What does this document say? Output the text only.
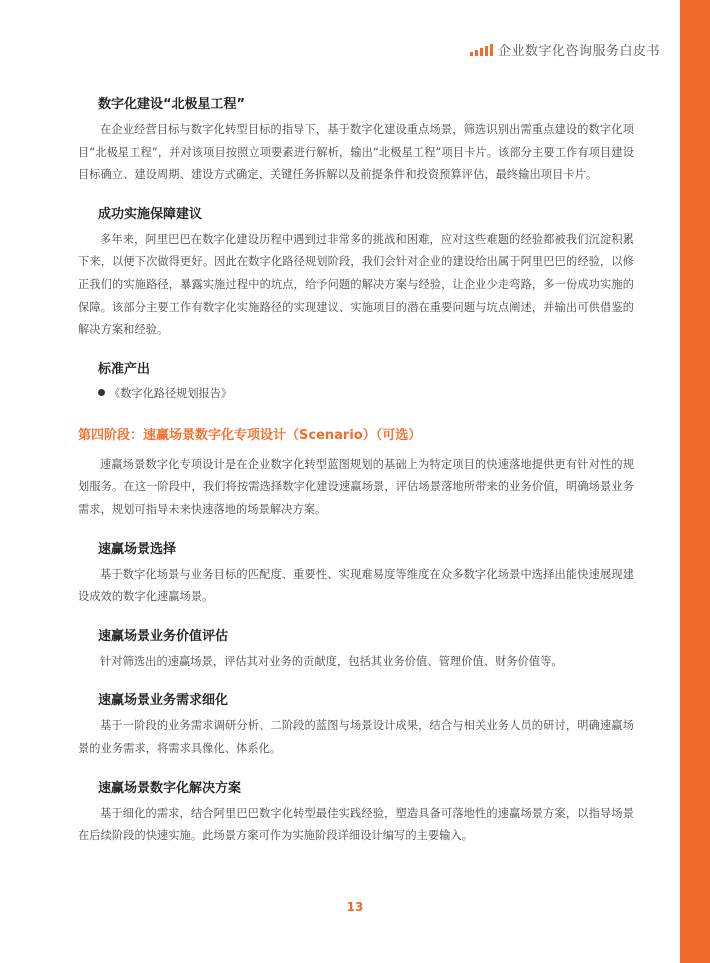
企业数字化咨询服务白皮书
数字化建设“北极星工程”

在企业经营目标与数字化转型目标的指导下，基于数字化建设重点场景，筛选识别出需重点建设的数字化项目“北极星工程”，并对该项目按照立项要素进行解析，输出“北极星工程”项目卡片。该部分主要工作有项目建设目标确立、建设周期、建设方式确定、关键任务拆解以及前提条件和投资预算评估，最终输出项目卡片。

成功实施保障建议

多年来，阿里巴巴在数字化建设历程中遇到过非常多的挑战和困难，应对这些难题的经验都被我们沉淀积累下来，以便下次做得更好。因此在数字化路径规划阶段，我们会针对企业的建设给出属于阿里巴巴的经验，以修正我们的实施路径，暴露实施过程中的坑点，给予问题的解决方案与经验，让企业少走弯路，多一份成功实施的保障。该部分主要工作有数字化实施路径的实现建议、实施项目的潜在重要问题与坑点阐述，并输出可供借鉴的解决方案和经验。

标准产出
《数字化路径规划报告》
第四阶段：速赢场景数字化专项设计（Scenario）（可选）

速赢场景数字化专项设计是在企业数字化转型蓝图规划的基础上为特定项目的快速落地提供更有针对性的规划服务。在这一阶段中，我们将按需选择数字化建设速赢场景，评估场景落地所带来的业务价值，明确场景业务需求，规划可指导未来快速落地的场景解决方案。

速赢场景选择

基于数字化场景与业务目标的匹配度、重要性、实现难易度等维度在众多数字化场景中选择出能快速展现建设成效的数字化速赢场景。

速赢场景业务价值评估

针对筛选出的速赢场景，评估其对业务的贡献度，包括其业务价值、管理价值、财务价值等。

速赢场景业务需求细化

基于一阶段的业务需求调研分析、二阶段的蓝图与场景设计成果，结合与相关业务人员的研讨，明确速赢场景的业务需求，将需求具像化、体系化。

速赢场景数字化解决方案

基于细化的需求，结合阿里巴巴数字化转型最佳实践经验，塑造具备可落地性的速赢场景方案，以指导场景在后续阶段的快速实施。此场景方案可作为实施阶段详细设计编写的主要输入。

13
